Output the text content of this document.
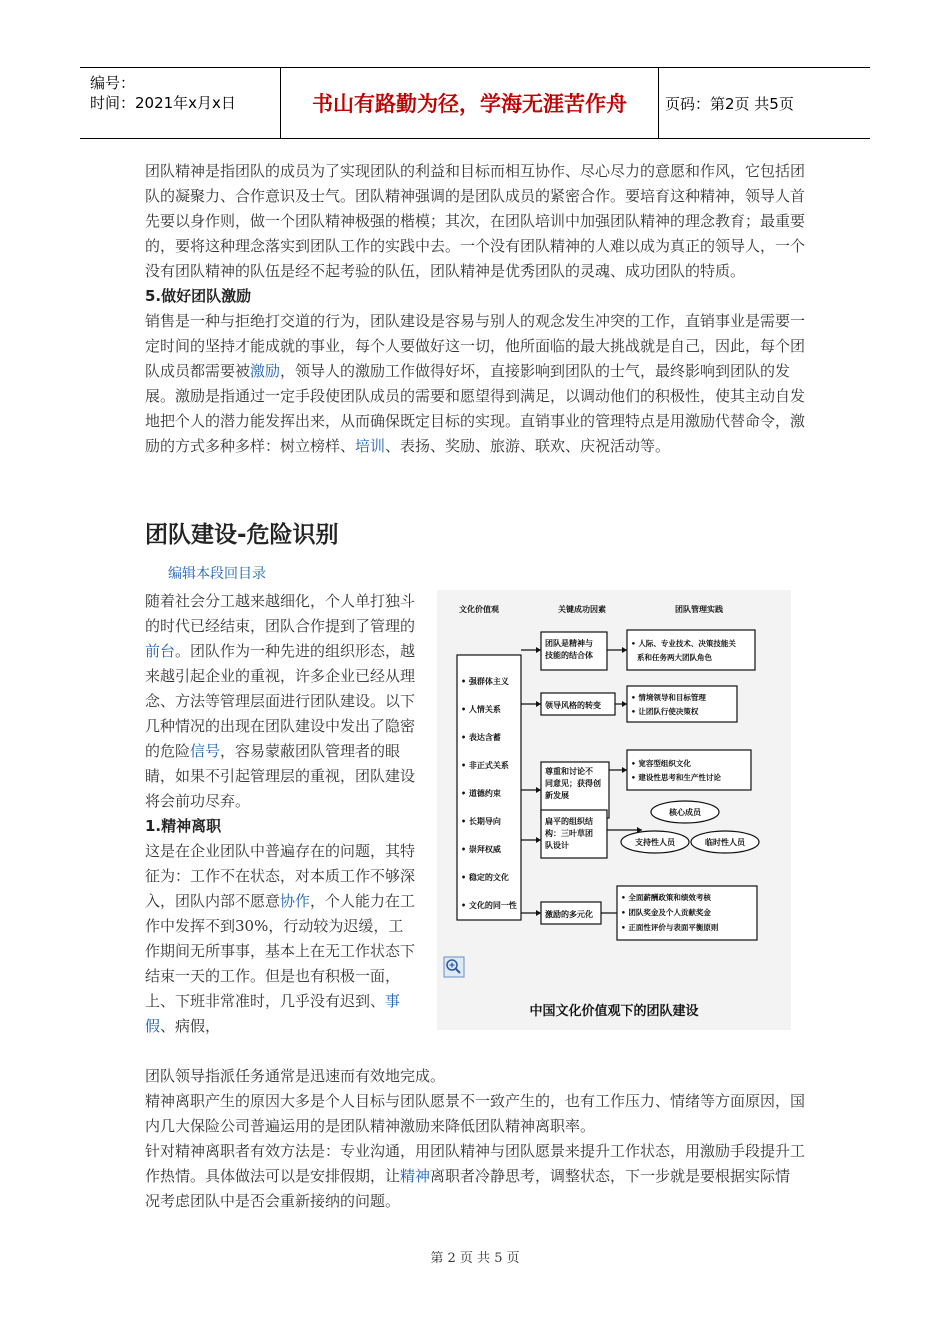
编号：
时间：2021年x月x日	书山有路勤为径，学海无涯苦作舟	页码：第2页 共5页

团队精神是指团队的成员为了实现团队的利益和目标而相互协作、尽心尽力的意愿和作风，它包括团队的凝聚力、合作意识及士气。团队精神强调的是团队成员的紧密合作。要培育这种精神，领导人首先要以身作则，做一个团队精神极强的楷模；其次，在团队培训中加强团队精神的理念教育；最重要的，要将这种理念落实到团队工作的实践中去。一个没有团队精神的人难以成为真正的领导人，一个没有团队精神的队伍是经不起考验的队伍，团队精神是优秀团队的灵魂、成功团队的特质。

5.做好团队激励

销售是一种与拒绝打交道的行为，团队建设是容易与别人的观念发生冲突的工作，直销事业是需要一定时间的坚持才能成就的事业，每个人要做好这一切，他所面临的最大挑战就是自己，因此，每个团队成员都需要被激励，领导人的激励工作做得好坏，直接影响到团队的士气，最终影响到团队的发展。激励是指通过一定手段使团队成员的需要和愿望得到满足，以调动他们的积极性，使其主动自发地把个人的潜力能发挥出来，从而确保既定目标的实现。直销事业的管理特点是用激励代替命令，激励的方式多种多样：树立榜样、培训、表扬、奖励、旅游、联欢、庆祝活动等。

团队建设-危险识别
编辑本段回目录

随着社会分工越来越细化，个人单打独斗的时代已经结束，团队合作提到了管理的前台。团队作为一种先进的组织形态，越来越引起企业的重视，许多企业已经从理念、方法等管理层面进行团队建设。以下几种情况的出现在团队建设中发出了隐密的危险信号，容易蒙蔽团队管理者的眼睛，如果不引起管理层的重视，团队建设将会前功尽弃。

1.精神离职

这是在企业团队中普遍存在的问题，其特征为：工作不在状态，对本质工作不够深入，团队内部不愿意协作，个人能力在工作中发挥不到30%，行动较为迟缓，工作期间无所事事，基本上在无工作状态下结束一天的工作。但是也有积极一面，上、下班非常准时，几乎没有迟到、事假、病假，

文化价值观	关键成功因素	团队管理实践
• 强群体主义
• 人情关系
• 表达含蓄
• 非正式关系
• 道德约束
• 长期导向
• 崇拜权威
• 稳定的文化
• 文化的同一性
团队是精神与技能的结合体
领导风格的转变
尊重和讨论不同意见；获得创新发展
扁平的组织结构：三叶草团队设计
激励的多元化
• 人际、专业技术、决策技能关
系和任务两大团队角色
• 情境领导和目标管理
• 让团队行使决策权
• 宽容型组织文化
• 建设性思考和生产性讨论
• 全面薪酬政策和绩效考核
• 团队奖金及个人贡献奖金
• 正面性评价与表面平衡原则
核心成员
支持性人员	临时性人员
中国文化价值观下的团队建设

团队领导指派任务通常是迅速而有效地完成。

精神离职产生的原因大多是个人目标与团队愿景不一致产生的，也有工作压力、情绪等方面原因，国内几大保险公司普遍运用的是团队精神激励来降低团队精神离职率。

针对精神离职者有效方法是：专业沟通，用团队精神与团队愿景来提升工作状态，用激励手段提升工作热情。具体做法可以是安排假期，让精神离职者冷静思考，调整状态，下一步就是要根据实际情况考虑团队中是否会重新接纳的问题。

第 2 页 共 5 页
